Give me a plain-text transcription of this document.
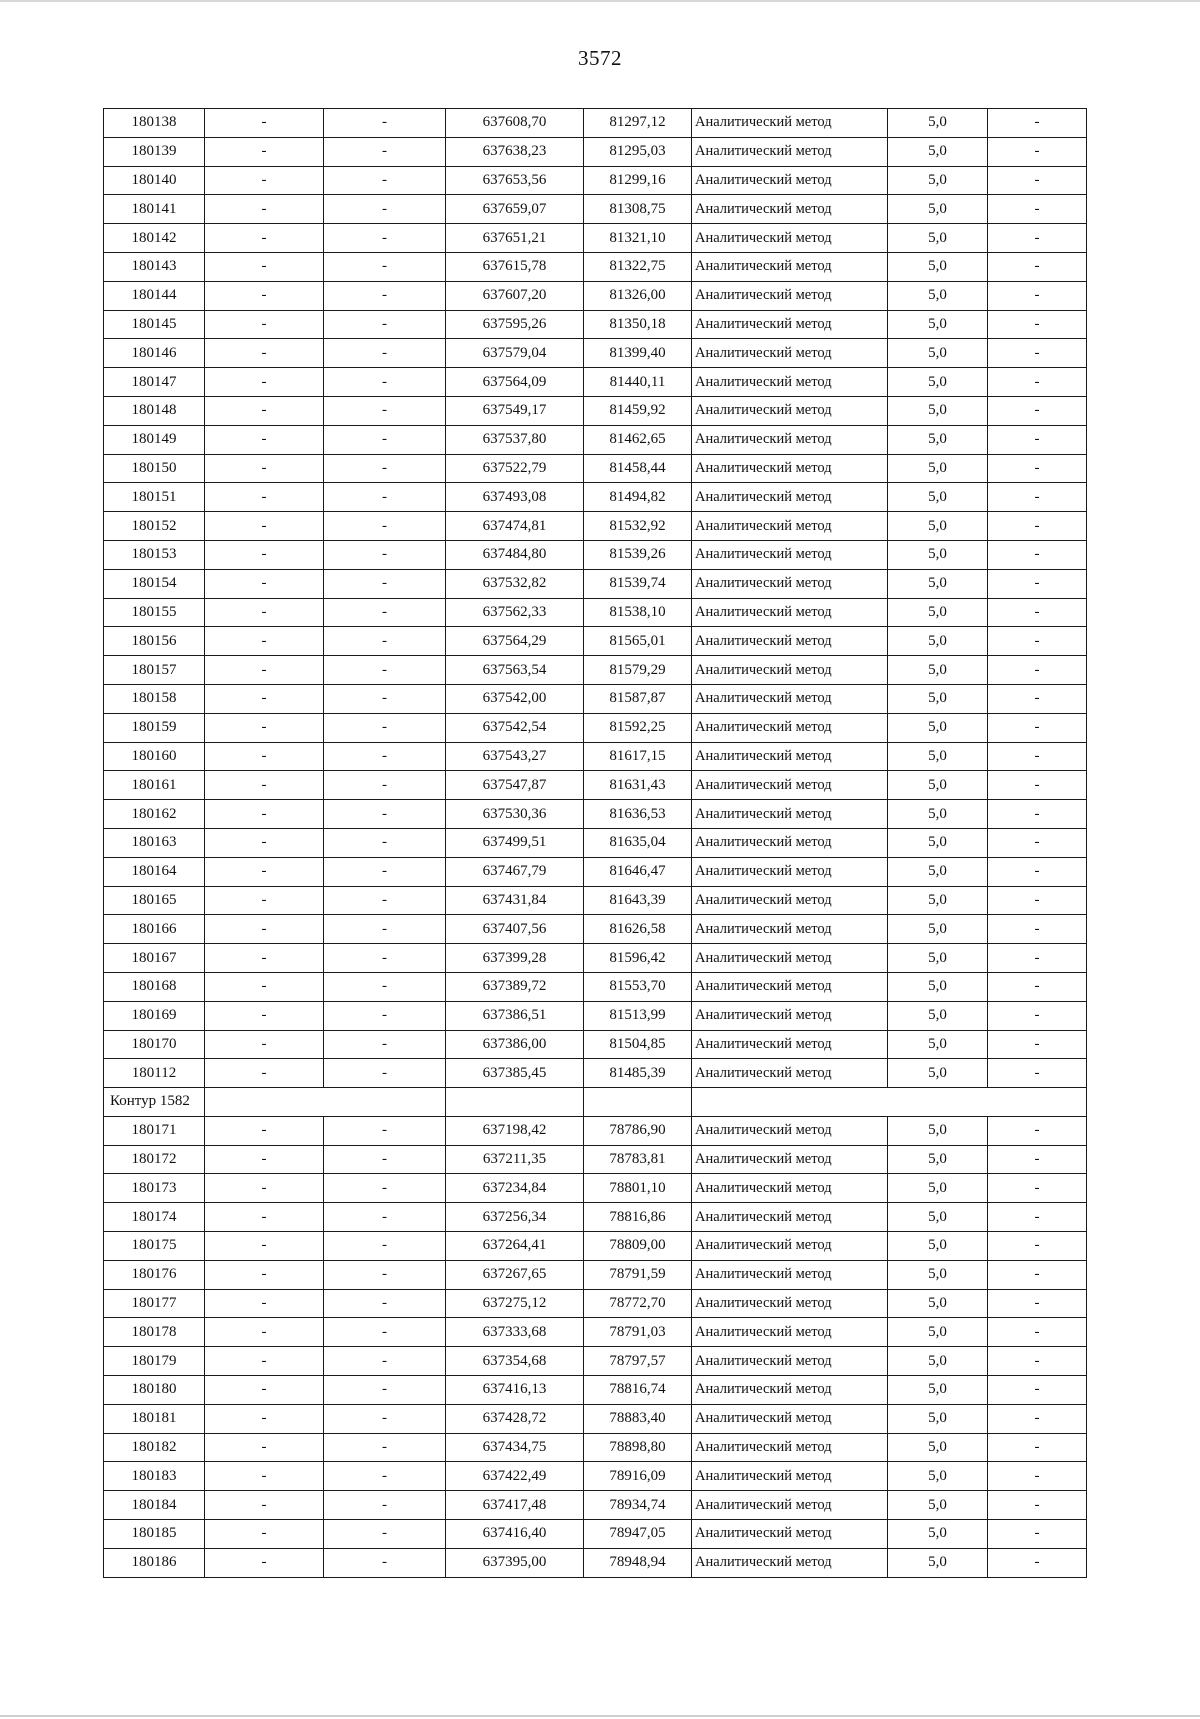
3572
180138	-	-	637608,70	81297,12	Аналитический метод	5,0	-
180139	-	-	637638,23	81295,03	Аналитический метод	5,0	-
180140	-	-	637653,56	81299,16	Аналитический метод	5,0	-
180141	-	-	637659,07	81308,75	Аналитический метод	5,0	-
180142	-	-	637651,21	81321,10	Аналитический метод	5,0	-
180143	-	-	637615,78	81322,75	Аналитический метод	5,0	-
180144	-	-	637607,20	81326,00	Аналитический метод	5,0	-
180145	-	-	637595,26	81350,18	Аналитический метод	5,0	-
180146	-	-	637579,04	81399,40	Аналитический метод	5,0	-
180147	-	-	637564,09	81440,11	Аналитический метод	5,0	-
180148	-	-	637549,17	81459,92	Аналитический метод	5,0	-
180149	-	-	637537,80	81462,65	Аналитический метод	5,0	-
180150	-	-	637522,79	81458,44	Аналитический метод	5,0	-
180151	-	-	637493,08	81494,82	Аналитический метод	5,0	-
180152	-	-	637474,81	81532,92	Аналитический метод	5,0	-
180153	-	-	637484,80	81539,26	Аналитический метод	5,0	-
180154	-	-	637532,82	81539,74	Аналитический метод	5,0	-
180155	-	-	637562,33	81538,10	Аналитический метод	5,0	-
180156	-	-	637564,29	81565,01	Аналитический метод	5,0	-
180157	-	-	637563,54	81579,29	Аналитический метод	5,0	-
180158	-	-	637542,00	81587,87	Аналитический метод	5,0	-
180159	-	-	637542,54	81592,25	Аналитический метод	5,0	-
180160	-	-	637543,27	81617,15	Аналитический метод	5,0	-
180161	-	-	637547,87	81631,43	Аналитический метод	5,0	-
180162	-	-	637530,36	81636,53	Аналитический метод	5,0	-
180163	-	-	637499,51	81635,04	Аналитический метод	5,0	-
180164	-	-	637467,79	81646,47	Аналитический метод	5,0	-
180165	-	-	637431,84	81643,39	Аналитический метод	5,0	-
180166	-	-	637407,56	81626,58	Аналитический метод	5,0	-
180167	-	-	637399,28	81596,42	Аналитический метод	5,0	-
180168	-	-	637389,72	81553,70	Аналитический метод	5,0	-
180169	-	-	637386,51	81513,99	Аналитический метод	5,0	-
180170	-	-	637386,00	81504,85	Аналитический метод	5,0	-
180112	-	-	637385,45	81485,39	Аналитический метод	5,0	-
Контур 1582							
180171	-	-	637198,42	78786,90	Аналитический метод	5,0	-
180172	-	-	637211,35	78783,81	Аналитический метод	5,0	-
180173	-	-	637234,84	78801,10	Аналитический метод	5,0	-
180174	-	-	637256,34	78816,86	Аналитический метод	5,0	-
180175	-	-	637264,41	78809,00	Аналитический метод	5,0	-
180176	-	-	637267,65	78791,59	Аналитический метод	5,0	-
180177	-	-	637275,12	78772,70	Аналитический метод	5,0	-
180178	-	-	637333,68	78791,03	Аналитический метод	5,0	-
180179	-	-	637354,68	78797,57	Аналитический метод	5,0	-
180180	-	-	637416,13	78816,74	Аналитический метод	5,0	-
180181	-	-	637428,72	78883,40	Аналитический метод	5,0	-
180182	-	-	637434,75	78898,80	Аналитический метод	5,0	-
180183	-	-	637422,49	78916,09	Аналитический метод	5,0	-
180184	-	-	637417,48	78934,74	Аналитический метод	5,0	-
180185	-	-	637416,40	78947,05	Аналитический метод	5,0	-
180186	-	-	637395,00	78948,94	Аналитический метод	5,0	-
